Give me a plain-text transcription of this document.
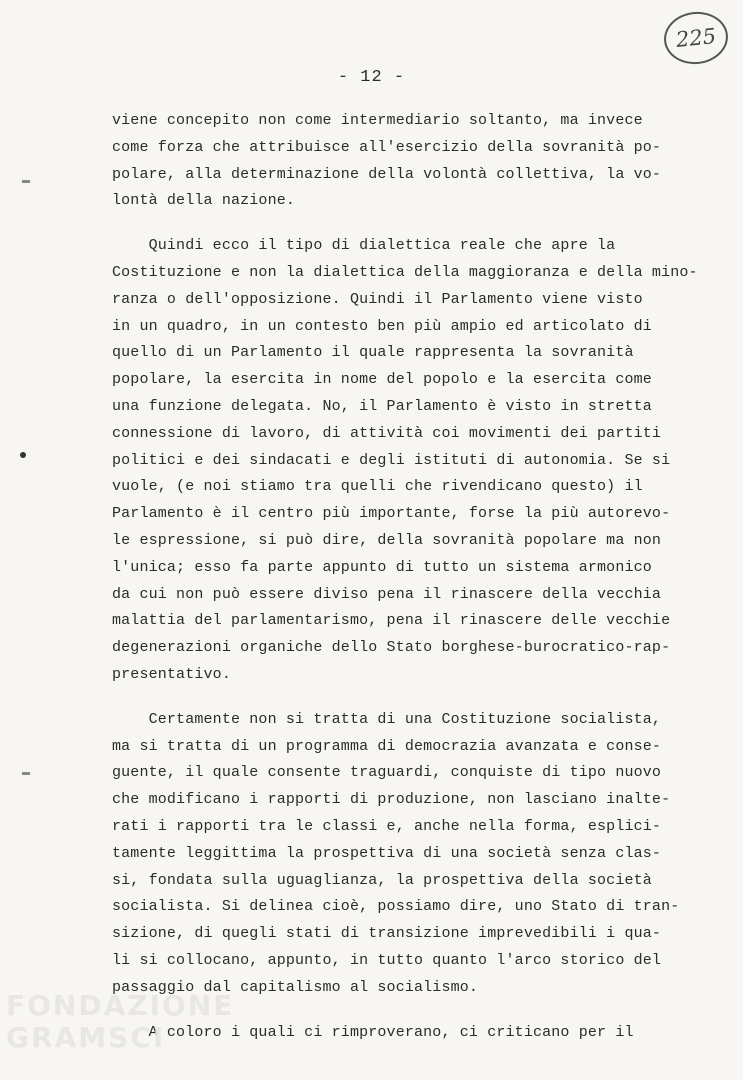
225
- 12 -
viene concepito non come intermediario soltanto, ma invece
come forza che attribuisce all'esercizio della sovranità po-
polare, alla determinazione della volontà collettiva, la vo-
lontà della nazione.
Quindi ecco il tipo di dialettica reale che apre la
Costituzione e non la dialettica della maggioranza e della mino-
ranza o dell'opposizione. Quindi il Parlamento viene visto
in un quadro, in un contesto ben più ampio ed articolato di
quello di un Parlamento il quale rappresenta la sovranità
popolare, la esercita in nome del popolo e la esercita come
una funzione delegata. No, il Parlamento è visto in stretta
connessione di lavoro, di attività coi movimenti dei partiti
politici e dei sindacati e degli istituti di autonomia. Se si
vuole, (e noi stiamo tra quelli che rivendicano questo) il
Parlamento è il centro più importante, forse la più autorevo-
le espressione, si può dire, della sovranità popolare ma non
l'unica; esso fa parte appunto di tutto un sistema armonico
da cui non può essere diviso pena il rinascere della vecchia
malattia del parlamentarismo, pena il rinascere delle vecchie
degenerazioni organiche dello Stato borghese-burocratico-rap-
presentativo.
Certamente non si tratta di una Costituzione socialista,
ma si tratta di un programma di democrazia avanzata e conse-
guente, il quale consente traguardi, conquiste di tipo nuovo
che modificano i rapporti di produzione, non lasciano inalte-
rati i rapporti tra le classi e, anche nella forma, esplici-
tamente leggittima la prospettiva di una società senza clas-
si, fondata sulla uguaglianza, la prospettiva della società
socialista. Si delinea cioè, possiamo dire, uno Stato di tran-
sizione, di quegli stati di transizione imprevedibili i qua-
li si collocano, appunto, in tutto quanto l'arco storico del
passaggio dal capitalismo al socialismo.
A coloro i quali ci rimproverano, ci criticano per il
FONDAZIONE
GRAMSCI
